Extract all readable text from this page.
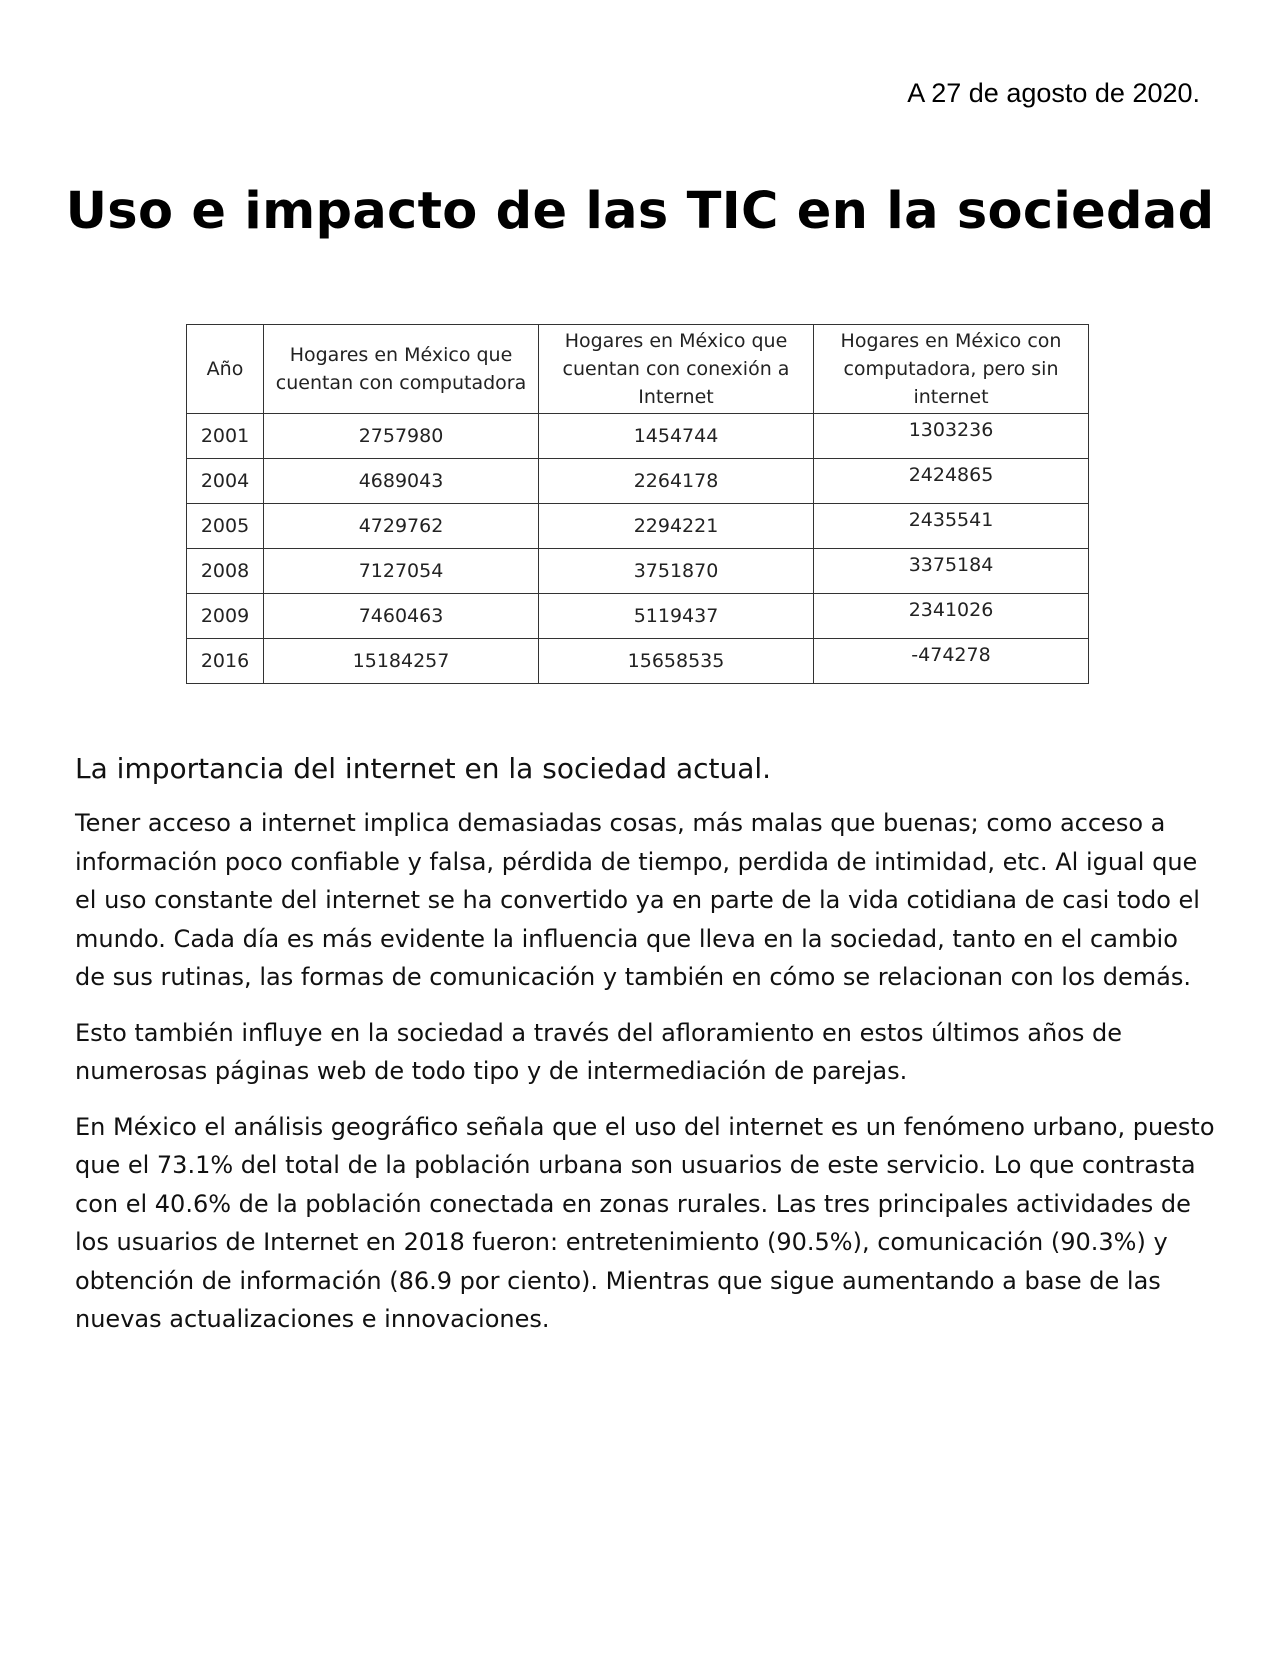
A 27 de agosto de 2020.

Uso e impacto de las TIC en la sociedad
Año	Hogares en México que cuentan con computadora	Hogares en México que cuentan con conexión a Internet	Hogares en México con computadora, pero sin internet
2001	2757980	1454744	1303236
2004	4689043	2264178	2424865
2005	4729762	2294221	2435541
2008	7127054	3751870	3375184
2009	7460463	5119437	2341026
2016	15184257	15658535	-474278
La importancia del internet en la sociedad actual.

Tener acceso a internet implica demasiadas cosas, más malas que buenas; como acceso a información poco confiable y falsa, pérdida de tiempo, perdida de intimidad, etc. Al igual que el uso constante del internet se ha convertido ya en parte de la vida cotidiana de casi todo el mundo. Cada día es más evidente la influencia que lleva en la sociedad, tanto en el cambio de sus rutinas, las formas de comunicación y también en cómo se relacionan con los demás.

Esto también influye en la sociedad a través del afloramiento en estos últimos años de numerosas páginas web de todo tipo y de intermediación de parejas.

En México el análisis geográfico señala que el uso del internet es un fenómeno urbano, puesto que el 73.1% del total de la población urbana son usuarios de este servicio. Lo que contrasta con el 40.6% de la población conectada en zonas rurales. Las tres principales actividades de los usuarios de Internet en 2018 fueron: entretenimiento (90.5%), comunicación (90.3%) y obtención de información (86.9 por ciento). Mientras que sigue aumentando a base de las nuevas actualizaciones e innovaciones.
